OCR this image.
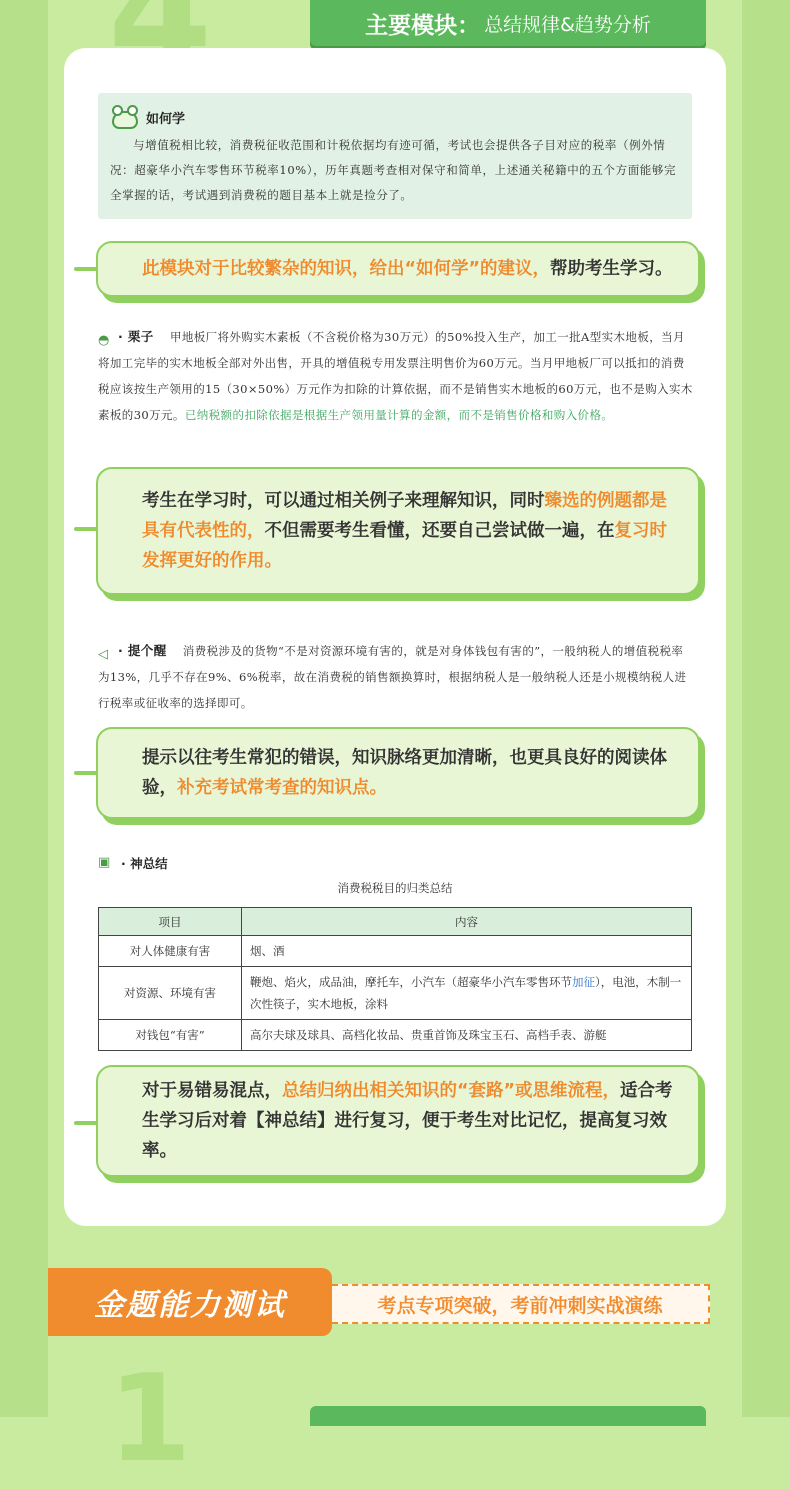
主要模块： 总结规律&趋势分析
如何学

与增值税相比较，消费税征收范围和计税依据均有迹可循，考试也会提供各子目对应的税率（例外情况：超豪华小汽车零售环节税率10%），历年真题考查相对保守和简单，上述通关秘籍中的五个方面能够完全掌握的话，考试遇到消费税的题目基本上就是捡分了。

此模块对于比较繁杂的知识，给出“如何学”的建议，帮助考生学习。

◓ · 栗子 甲地板厂将外购实木素板（不含税价格为30万元）的50%投入生产，加工一批A型实木地板，当月将加工完毕的实木地板全部对外出售，开具的增值税专用发票注明售价为60万元。当月甲地板厂可以抵扣的消费税应该按生产领用的15（30×50%）万元作为扣除的计算依据，而不是销售实木地板的60万元，也不是购入实木素板的30万元。已纳税额的扣除依据是根据生产领用量计算的金额，而不是销售价格和购入价格。

考生在学习时，可以通过相关例子来理解知识，同时臻选的例题都是具有代表性的，不但需要考生看懂，还要自己尝试做一遍，在复习时发挥更好的作用。

◁ · 提个醒 消费税涉及的货物“不是对资源环境有害的，就是对身体钱包有害的”，一般纳税人的增值税税率为13%，几乎不存在9%、6%税率，故在消费税的销售额换算时，根据纳税人是一般纳税人还是小规模纳税人进行税率或征收率的选择即可。

提示以往考生常犯的错误，知识脉络更加清晰，也更具良好的阅读体验，补充考试常考查的知识点。

▣ · 神总结
消费税税目的归类总结
项目	内容
对人体健康有害	烟、酒
对资源、环境有害	鞭炮、焰火，成品油，摩托车，小汽车（超豪华小汽车零售环节加征），电池，木制一次性筷子，实木地板，涂料
对钱包“有害”	高尔夫球及球具、高档化妆品、贵重首饰及珠宝玉石、高档手表、游艇

对于易错易混点，总结归纳出相关知识的“套路”或思维流程，适合考生学习后对着【神总结】进行复习，便于考生对比记忆，提高复习效率。

金题能力测试	考点专项突破，考前冲刺实战演练
1
